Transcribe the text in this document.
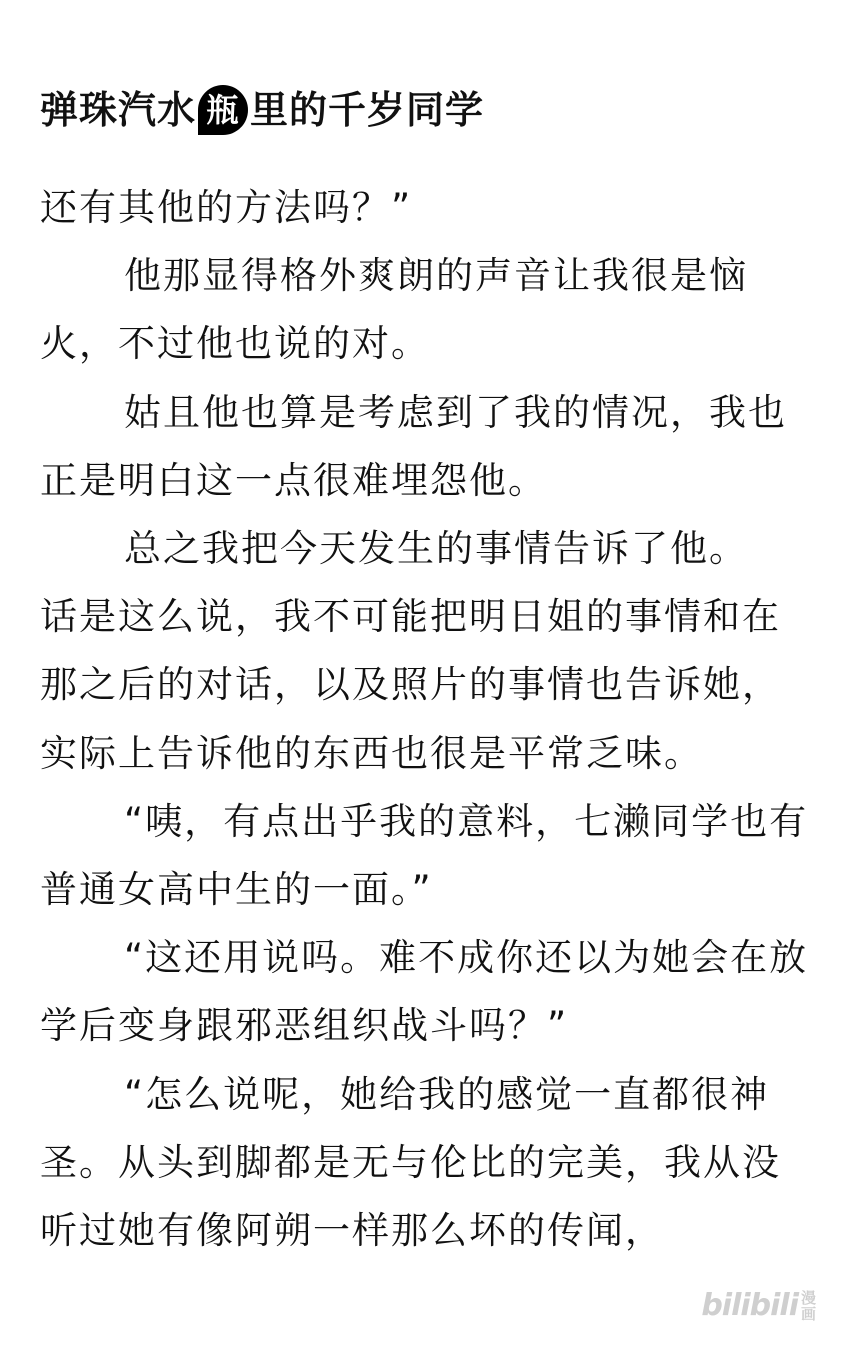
弹珠汽水 瓶 里的千岁同学

还有其他的方法吗？”

他那显得格外爽朗的声音让我很是恼火，不过他也说的对。

姑且他也算是考虑到了我的情况，我也正是明白这一点很难埋怨他。

总之我把今天发生的事情告诉了他。

话是这么说，我不可能把明日姐的事情和在那之后的对话，以及照片的事情也告诉她，实际上告诉他的东西也很是平常乏味。

“咦，有点出乎我的意料，七濑同学也有普通女高中生的一面。”

“这还用说吗。难不成你还以为她会在放学后变身跟邪恶组织战斗吗？”

“怎么说呢，她给我的感觉一直都很神圣。从头到脚都是无与伦比的完美，我从没听过她有像阿朔一样那么坏的传闻，

bilibili 漫
画
